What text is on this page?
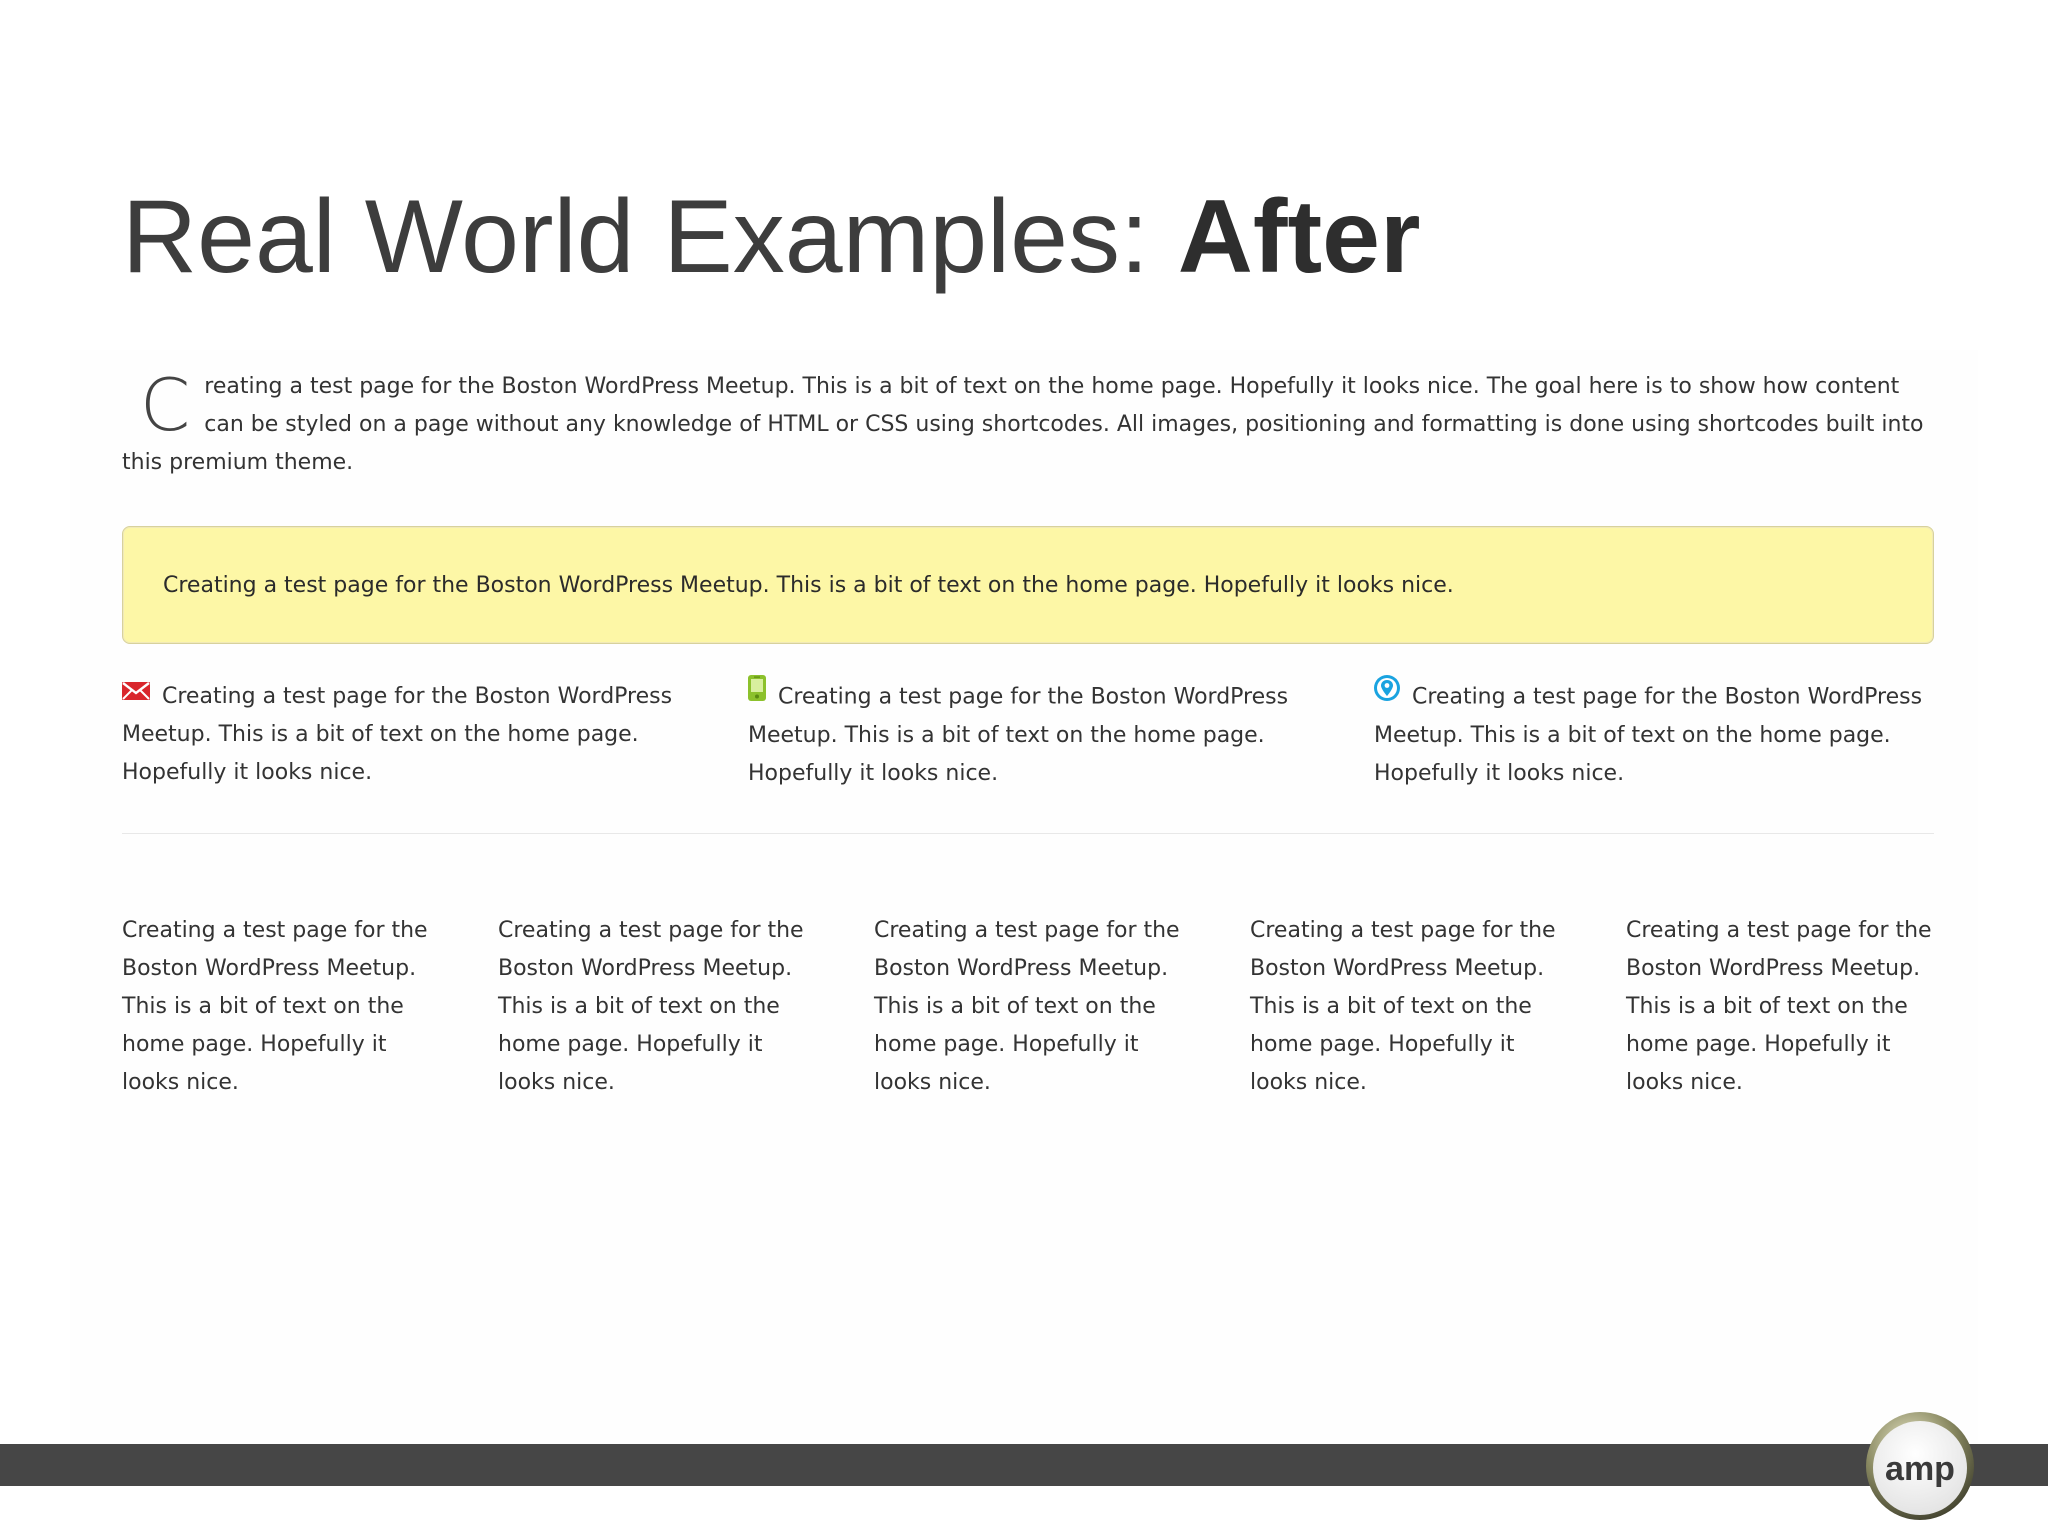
Real World Examples: After

Creating a test page for the Boston WordPress Meetup. This is a bit of text on the home page. Hopefully it looks nice. The goal here is to show how content can be styled on a page without any knowledge of HTML or CSS using shortcodes. All images, positioning and formatting is done using shortcodes built into this premium theme.

Creating a test page for the Boston WordPress Meetup. This is a bit of text on the home page. Hopefully it looks nice.
Creating a test page for the Boston WordPress Meetup. This is a bit of text on the home page. Hopefully it looks nice.
Creating a test page for the Boston WordPress Meetup. This is a bit of text on the home page. Hopefully it looks nice.
Creating a test page for the Boston WordPress Meetup. This is a bit of text on the home page. Hopefully it looks nice.
Creating a test page for the Boston WordPress Meetup. This is a bit of text on the home page. Hopefully it looks nice.
Creating a test page for the Boston WordPress Meetup. This is a bit of text on the home page. Hopefully it looks nice.
Creating a test page for the Boston WordPress Meetup. This is a bit of text on the home page. Hopefully it looks nice.
Creating a test page for the Boston WordPress Meetup. This is a bit of text on the home page. Hopefully it looks nice.
Creating a test page for the Boston WordPress Meetup. This is a bit of text on the home page. Hopefully it looks nice.
amp
